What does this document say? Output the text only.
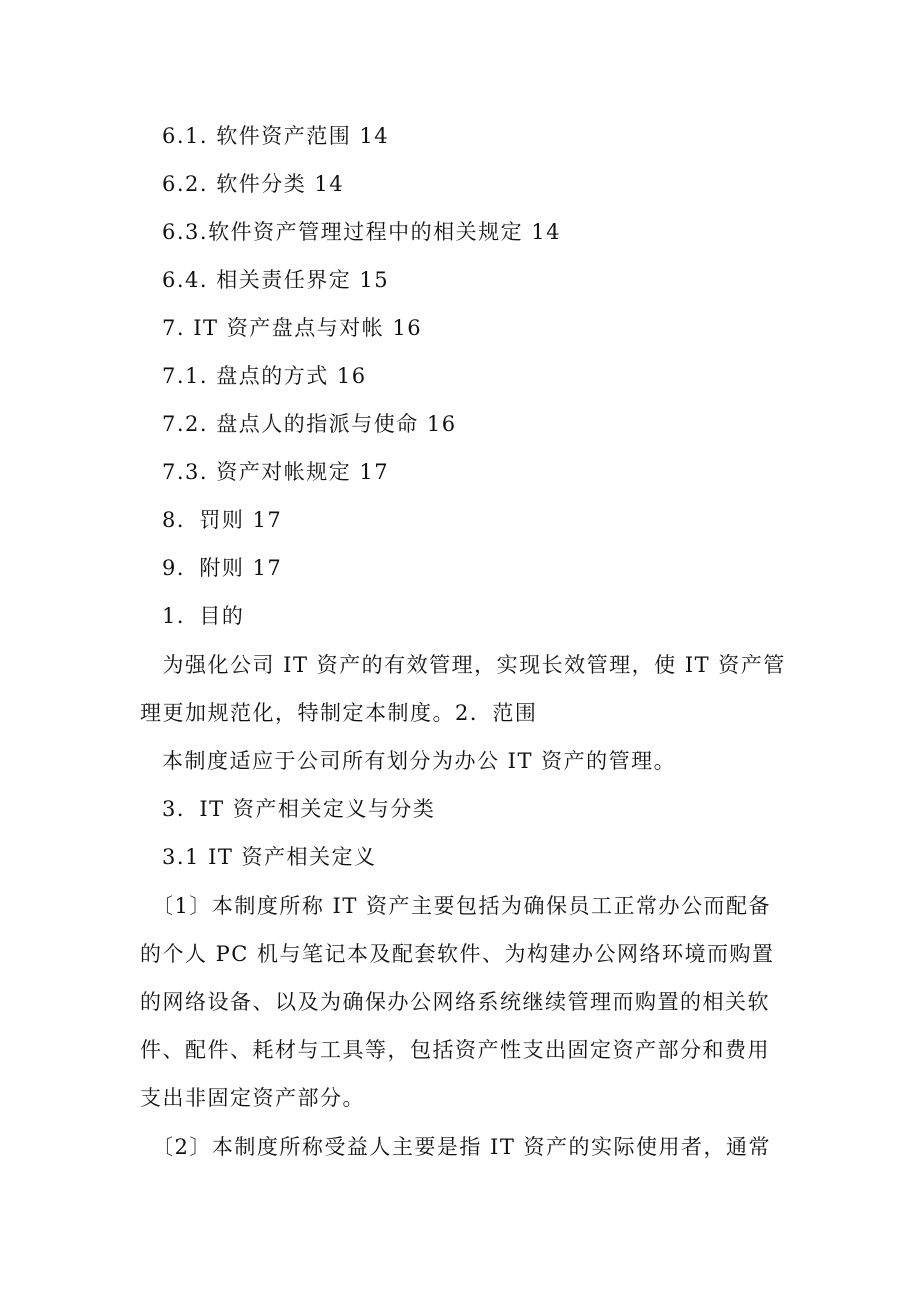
6.1. 软件资产范围 14
6.2. 软件分类 14
6.3.软件资产管理过程中的相关规定 14
6.4. 相关责任界定 15
7. IT 资产盘点与对帐 16
7.1. 盘点的方式 16
7.2. 盘点人的指派与使命 16
7.3. 资产对帐规定 17
8．罚则 17
9．附则 17
1．目的
　为强化公司 IT 资产的有效管理，实现长效管理，使 IT 资产管
理更加规范化，特制定本制度。2．范围
本制度适应于公司所有划分为办公 IT 资产的管理。
3．IT 资产相关定义与分类
3.1 IT 资产相关定义
　〔1〕本制度所称 IT 资产主要包括为确保员工正常办公而配备
的个人 PC 机与笔记本及配套软件、为构建办公网络环境而购置
的网络设备、以及为确保办公网络系统继续管理而购置的相关软
件、配件、耗材与工具等，包括资产性支出固定资产部分和费用
支出非固定资产部分。
　〔2〕本制度所称受益人主要是指 IT 资产的实际使用者，通常
